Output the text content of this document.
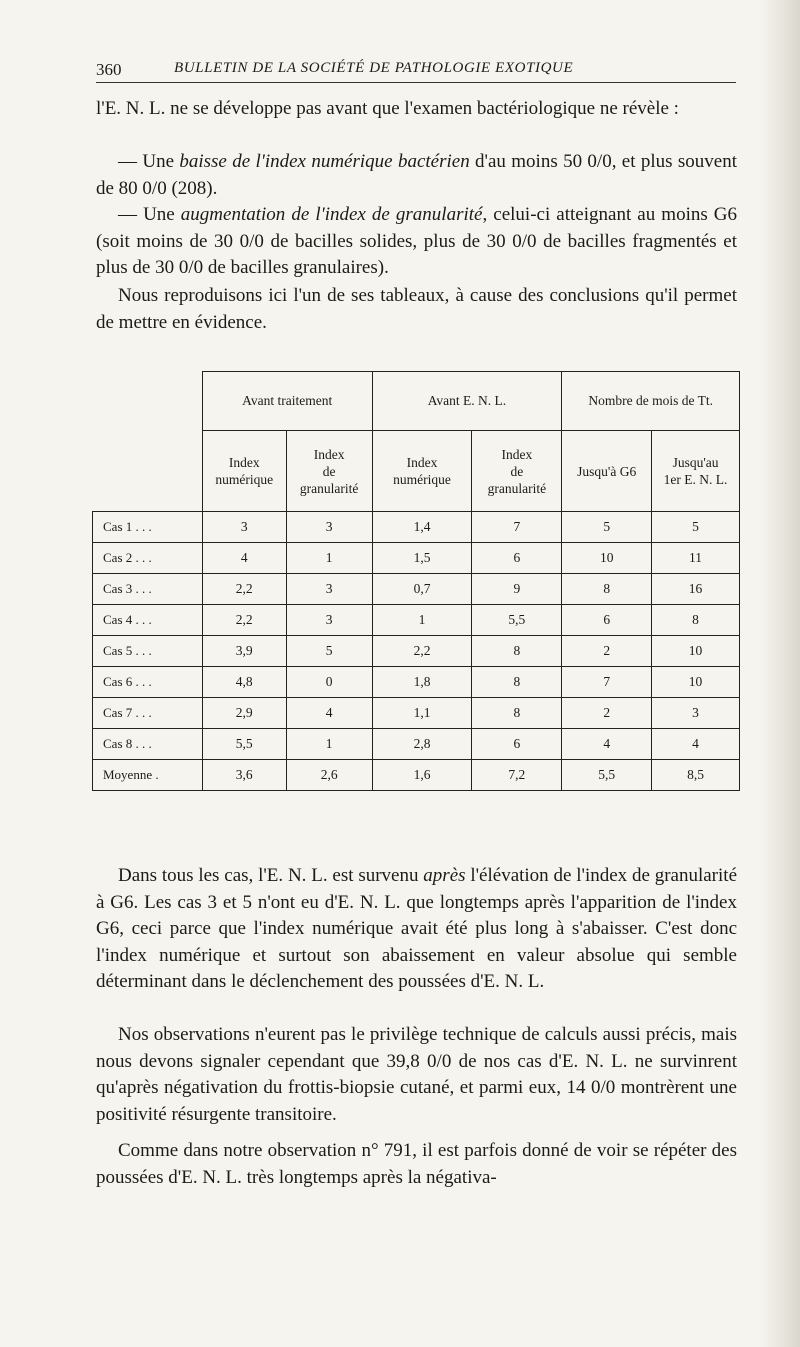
360	BULLETIN DE LA SOCIÉTÉ DE PATHOLOGIE EXOTIQUE

l'E. N. L. ne se développe pas avant que l'examen bactériologique ne révèle :

— Une baisse de l'index numérique bactérien d'au moins 50 0/0, et plus souvent de 80 0/0 (208).

— Une augmentation de l'index de granularité, celui-ci atteignant au moins G6 (soit moins de 30 0/0 de bacilles solides, plus de 30 0/0 de bacilles fragmentés et plus de 30 0/0 de bacilles granulaires).

Nous reproduisons ici l'un de ses tableaux, à cause des conclusions qu'il permet de mettre en évidence.

	Avant traitement		Avant E. N. L.		Nombre de mois de Tt.	
	Index
numérique	Index
de
granularité	Index
numérique	Index
de
granularité	Jusqu'à G6	Jusqu'au
1er E. N. L.
Cas 1 . . .	3	3	1,4	7	5	5
Cas 2 . . .	4	1	1,5	6	10	11
Cas 3 . . .	2,2	3	0,7	9	8	16
Cas 4 . . .	2,2	3	1	5,5	6	8
Cas 5 . . .	3,9	5	2,2	8	2	10
Cas 6 . . .	4,8	0	1,8	8	7	10
Cas 7 . . .	2,9	4	1,1	8	2	3
Cas 8 . . .	5,5	1	2,8	6	4	4
Moyenne .	3,6	2,6	1,6	7,2	5,5	8,5

Dans tous les cas, l'E. N. L. est survenu après l'élévation de l'index de granularité à G6. Les cas 3 et 5 n'ont eu d'E. N. L. que longtemps après l'apparition de l'index G6, ceci parce que l'index numérique avait été plus long à s'abaisser. C'est donc l'index numérique et surtout son abaissement en valeur absolue qui semble déterminant dans le déclenchement des poussées d'E. N. L.

Nos observations n'eurent pas le privilège technique de calculs aussi précis, mais nous devons signaler cependant que 39,8 0/0 de nos cas d'E. N. L. ne survinrent qu'après négativation du frottis-biopsie cutané, et parmi eux, 14 0/0 montrèrent une positivité résurgente transitoire.

Comme dans notre observation n° 791, il est parfois donné de voir se répéter des poussées d'E. N. L. très longtemps après la négativa-
